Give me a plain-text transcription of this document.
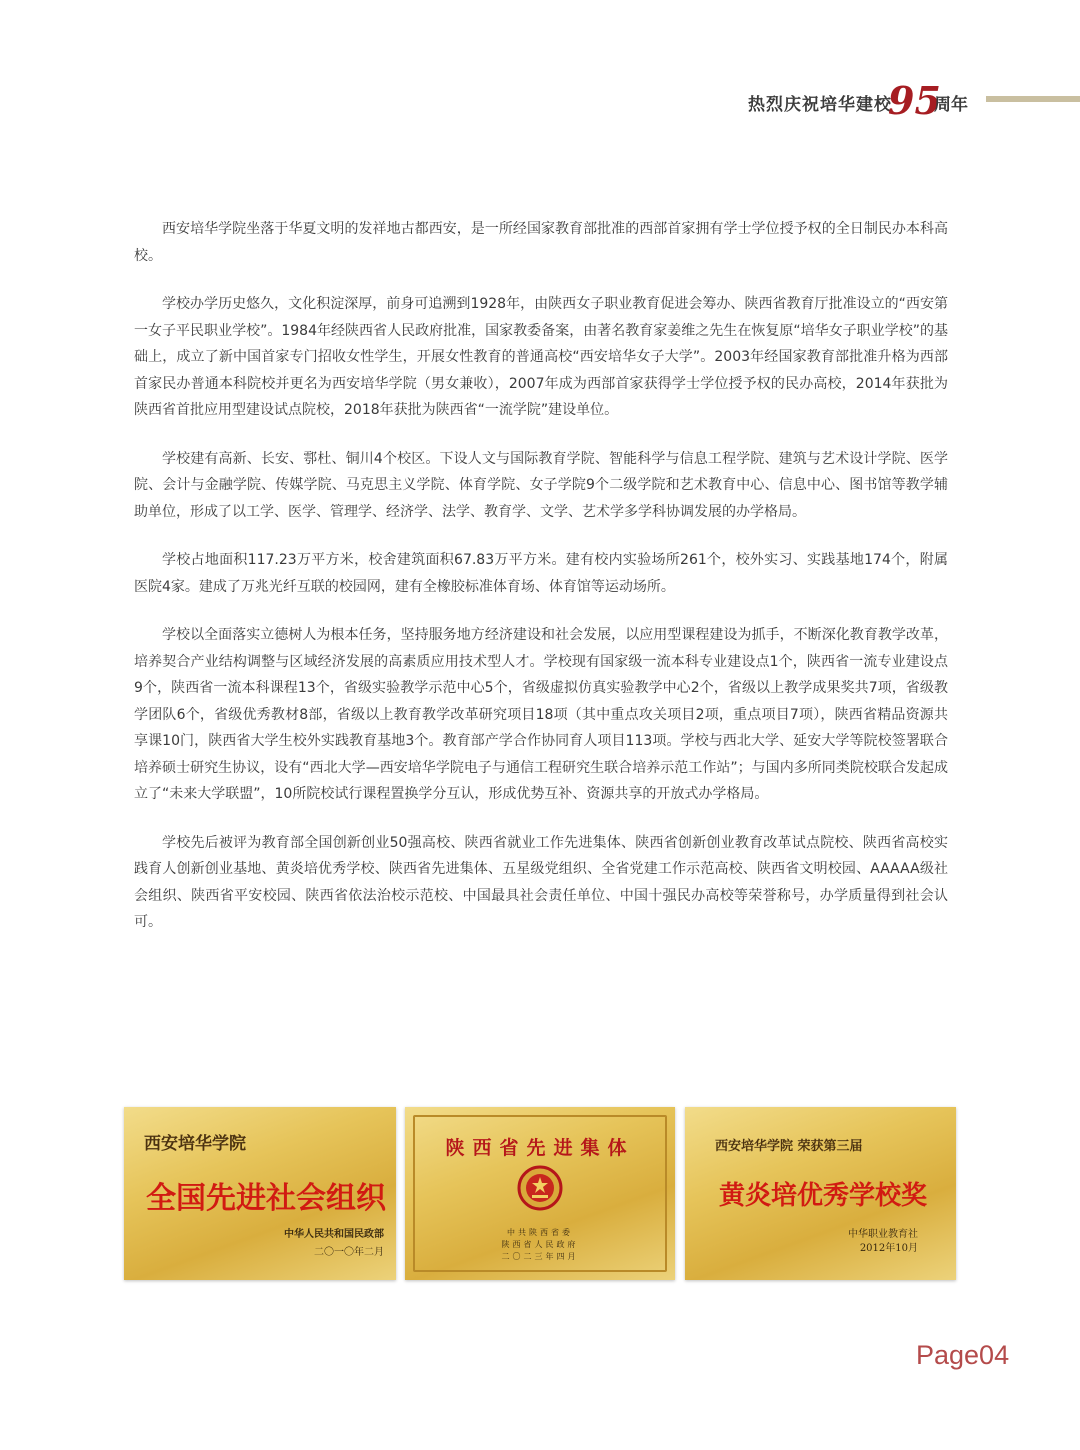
热烈庆祝培华建校
95
周年

西安培华学院坐落于华夏文明的发祥地古都西安，是一所经国家教育部批准的西部首家拥有学士学位授予权的全日制民办本科高校。

学校办学历史悠久，文化积淀深厚，前身可追溯到1928年，由陕西女子职业教育促进会筹办、陕西省教育厅批准设立的“西安第一女子平民职业学校”。1984年经陕西省人民政府批准，国家教委备案，由著名教育家姜维之先生在恢复原“培华女子职业学校”的基础上，成立了新中国首家专门招收女性学生，开展女性教育的普通高校“西安培华女子大学”。2003年经国家教育部批准升格为西部首家民办普通本科院校并更名为西安培华学院（男女兼收），2007年成为西部首家获得学士学位授予权的民办高校，2014年获批为陕西省首批应用型建设试点院校，2018年获批为陕西省“一流学院”建设单位。

学校建有高新、长安、鄠杜、铜川4个校区。下设人文与国际教育学院、智能科学与信息工程学院、建筑与艺术设计学院、医学院、会计与金融学院、传媒学院、马克思主义学院、体育学院、女子学院9个二级学院和艺术教育中心、信息中心、图书馆等教学辅助单位，形成了以工学、医学、管理学、经济学、法学、教育学、文学、艺术学多学科协调发展的办学格局。

学校占地面积117.23万平方米，校舍建筑面积67.83万平方米。建有校内实验场所261个，校外实习、实践基地174个，附属医院4家。建成了万兆光纤互联的校园网，建有全橡胶标准体育场、体育馆等运动场所。

学校以全面落实立德树人为根本任务，坚持服务地方经济建设和社会发展，以应用型课程建设为抓手，不断深化教育教学改革，培养契合产业结构调整与区域经济发展的高素质应用技术型人才。学校现有国家级一流本科专业建设点1个，陕西省一流专业建设点9个，陕西省一流本科课程13个，省级实验教学示范中心5个，省级虚拟仿真实验教学中心2个，省级以上教学成果奖共7项，省级教学团队6个，省级优秀教材8部，省级以上教育教学改革研究项目18项（其中重点攻关项目2项，重点项目7项），陕西省精品资源共享课10门，陕西省大学生校外实践教育基地3个。教育部产学合作协同育人项目113项。学校与西北大学、延安大学等院校签署联合培养硕士研究生协议，设有“西北大学—西安培华学院电子与通信工程研究生联合培养示范工作站”；与国内多所同类院校联合发起成立了“未来大学联盟”，10所院校试行课程置换学分互认，形成优势互补、资源共享的开放式办学格局。

学校先后被评为教育部全国创新创业50强高校、陕西省就业工作先进集体、陕西省创新创业教育改革试点院校、陕西省高校实践育人创新创业基地、黄炎培优秀学校、陕西省先进集体、五星级党组织、全省党建工作示范高校、陕西省文明校园、AAAAA级社会组织、陕西省平安校园、陕西省依法治校示范校、中国最具社会责任单位、中国十强民办高校等荣誉称号，办学质量得到社会认可。

西安培华学院
全国先进社会组织
中华人民共和国民政部
二〇一〇年二月
陕西省先进集体
中共陕西省委
陕西省人民政府
二〇二三年四月
西安培华学院 荣获第三届
黄炎培优秀学校奖
中华职业教育社
2012年10月
Page04
